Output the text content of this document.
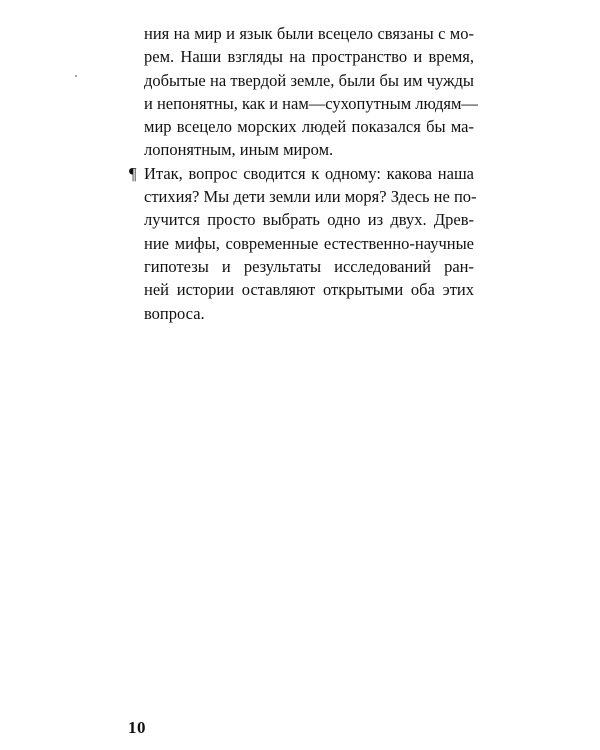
ния на мир и язык были всецело связаны с мо-
рем. Наши взгляды на пространство и время,
добытые на твердой земле, были бы им чужды
и непонятны, как и нам—сухопутным людям—
мир всецело морских людей показался бы ма-
лопонятным, иным миром.
¶ Итак, вопрос сводится к одному: какова наша
стихия? Мы дети земли или моря? Здесь не по-
лучится просто выбрать одно из двух. Древ-
ние мифы, современные естественно-научные
гипотезы и результаты исследований ран-
ней истории оставляют открытыми оба этих
вопроса.
10
